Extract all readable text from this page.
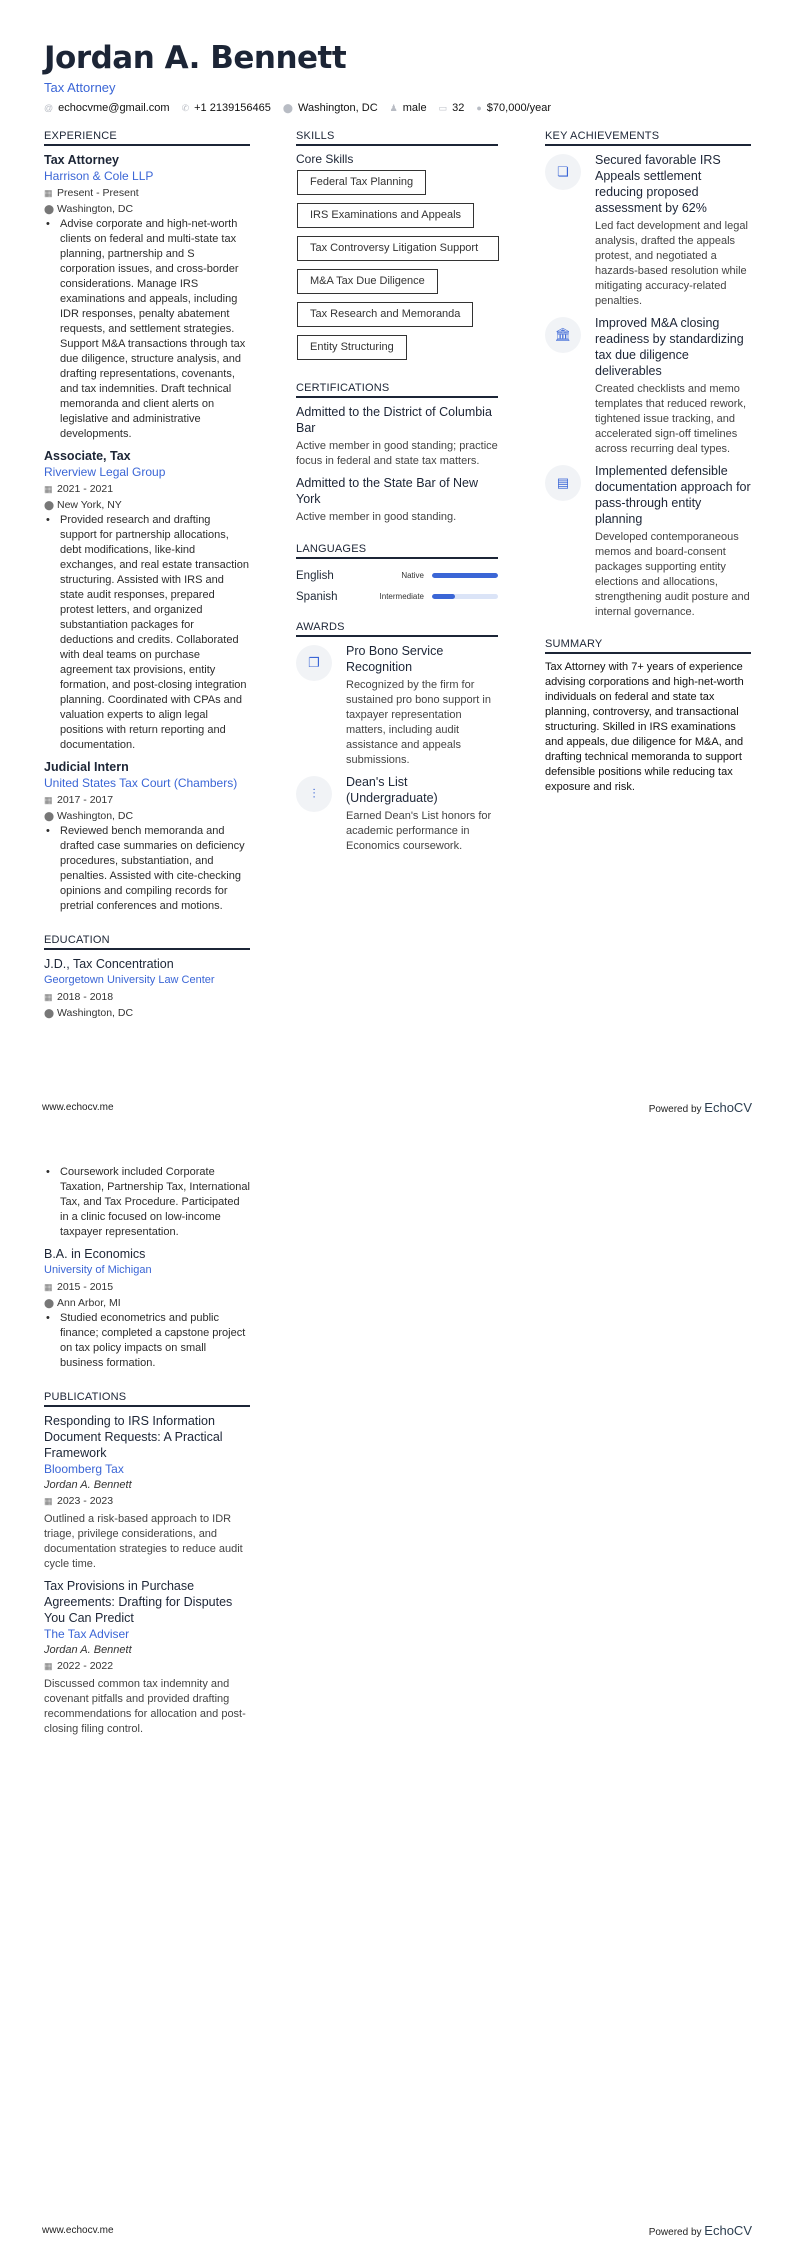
Jordan A. Bennett
Tax Attorney
@ echocvme@gmail.com ✆ +1 2139156465 ⬤ Washington, DC ♟ male ▭ 32 ● $70,000/year
EXPERIENCE
Tax Attorney
Harrison & Cole LLP
▦ Present - Present
⬤ Washington, DC
• Advise corporate and high-net-worth clients on federal and multi-state tax planning, partnership and S corporation issues, and cross-border considerations. Manage IRS examinations and appeals, including IDR responses, penalty abatement requests, and settlement strategies. Support M&A transactions through tax due diligence, structure analysis, and drafting representations, covenants, and tax indemnities. Draft technical memoranda and client alerts on legislative and administrative developments.
Associate, Tax
Riverview Legal Group
▦ 2021 - 2021
⬤ New York, NY
• Provided research and drafting support for partnership allocations, debt modifications, like-kind exchanges, and real estate transaction structuring. Assisted with IRS and state audit responses, prepared protest letters, and organized substantiation packages for deductions and credits. Collaborated with deal teams on purchase agreement tax provisions, entity formation, and post-closing integration planning. Coordinated with CPAs and valuation experts to align legal positions with return reporting and documentation.
Judicial Intern
United States Tax Court (Chambers)
▦ 2017 - 2017
⬤ Washington, DC
• Reviewed bench memoranda and drafted case summaries on deficiency procedures, substantiation, and penalties. Assisted with cite-checking opinions and compiling records for pretrial conferences and motions.
EDUCATION
J.D., Tax Concentration
Georgetown University Law Center
▦ 2018 - 2018
⬤ Washington, DC
SKILLS
Core Skills
Federal Tax Planning
IRS Examinations and Appeals
Tax Controversy Litigation Support
M&A Tax Due Diligence
Tax Research and Memoranda
Entity Structuring
CERTIFICATIONS
Admitted to the District of Columbia Bar
Active member in good standing; practice focus in federal and state tax matters.
Admitted to the State Bar of New York
Active member in good standing.
LANGUAGES
English	Native
Spanish	Intermediate
AWARDS
❐
Pro Bono Service Recognition
Recognized by the firm for sustained pro bono support in taxpayer representation matters, including audit assistance and appeals submissions.
⫶
Dean's List (Undergraduate)
Earned Dean's List honors for academic performance in Economics coursework.
KEY ACHIEVEMENTS
❏
Secured favorable IRS Appeals settlement reducing proposed assessment by 62%
Led fact development and legal analysis, drafted the appeals protest, and negotiated a hazards-based resolution while mitigating accuracy-related penalties.
🏛
Improved M&A closing readiness by standardizing tax due diligence deliverables
Created checklists and memo templates that reduced rework, tightened issue tracking, and accelerated sign-off timelines across recurring deal types.
▤
Implemented defensible documentation approach for pass-through entity planning
Developed contemporaneous memos and board-consent packages supporting entity elections and allocations, strengthening audit posture and internal governance.
SUMMARY
Tax Attorney with 7+ years of experience advising corporations and high-net-worth individuals on federal and state tax planning, controversy, and transactional structuring. Skilled in IRS examinations and appeals, due diligence for M&A, and drafting technical memoranda to support defensible positions while reducing tax exposure and risk.
www.echocv.me	Powered by EchoCV
• Coursework included Corporate Taxation, Partnership Tax, International Tax, and Tax Procedure. Participated in a clinic focused on low-income taxpayer representation.
B.A. in Economics
University of Michigan
▦ 2015 - 2015
⬤ Ann Arbor, MI
• Studied econometrics and public finance; completed a capstone project on tax policy impacts on small business formation.
PUBLICATIONS
Responding to IRS Information Document Requests: A Practical Framework
Bloomberg Tax
Jordan A. Bennett
▦ 2023 - 2023
Outlined a risk-based approach to IDR triage, privilege considerations, and documentation strategies to reduce audit cycle time.
Tax Provisions in Purchase Agreements: Drafting for Disputes You Can Predict
The Tax Adviser
Jordan A. Bennett
▦ 2022 - 2022
Discussed common tax indemnity and covenant pitfalls and provided drafting recommendations for allocation and post-closing filing control.
www.echocv.me	Powered by EchoCV
